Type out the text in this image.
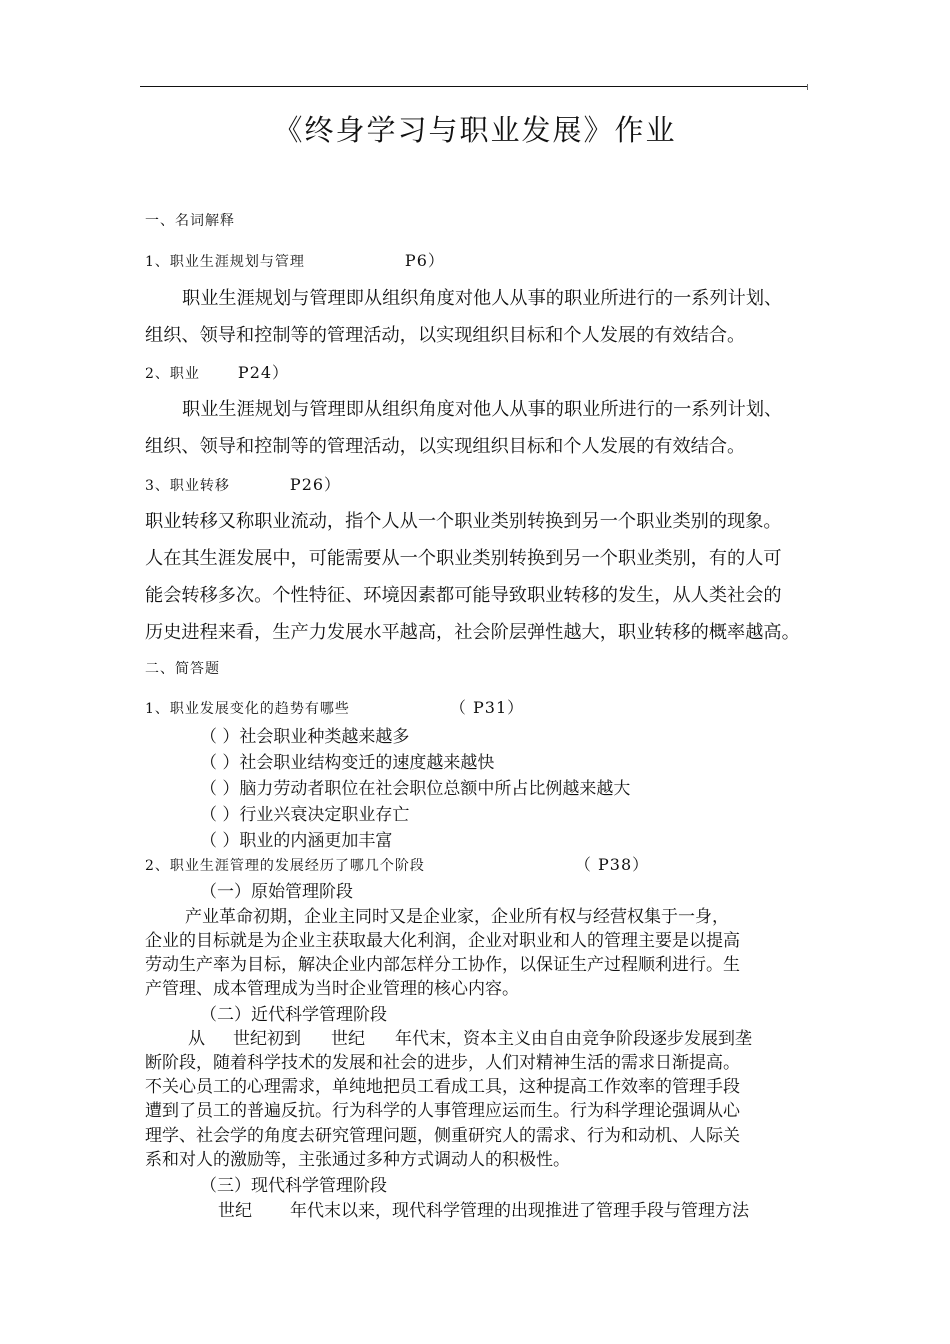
《终身学习与职业发展》作业
一、名词解释
1、职业生涯规划与管理	P6）
职业生涯规划与管理即从组织角度对他人从事的职业所进行的一系列计划、
组织、领导和控制等的管理活动，以实现组织目标和个人发展的有效结合。
2、职业 P24）
职业生涯规划与管理即从组织角度对他人从事的职业所进行的一系列计划、
组织、领导和控制等的管理活动，以实现组织目标和个人发展的有效结合。
3、职业转移	P26）
职业转移又称职业流动，指个人从一个职业类别转换到另一个职业类别的现象。
人在其生涯发展中，可能需要从一个职业类别转换到另一个职业类别，有的人可
能会转移多次。个性特征、环境因素都可能导致职业转移的发生，从人类社会的
历史进程来看，生产力发展水平越高，社会阶层弹性越大，职业转移的概率越高。
二、简答题
1、职业发展变化的趋势有哪些	（ P31）
（ ）社会职业种类越来越多
（ ）社会职业结构变迁的速度越来越快
（ ）脑力劳动者职位在社会职位总额中所占比例越来越大
（ ）行业兴衰决定职业存亡
（ ）职业的内涵更加丰富
2、职业生涯管理的发展经历了哪几个阶段	（ P38）
（一）原始管理阶段
产业革命初期，企业主同时又是企业家，企业所有权与经营权集于一身，
企业的目标就是为企业主获取最大化利润，企业对职业和人的管理主要是以提高
劳动生产率为目标，解决企业内部怎样分工协作，以保证生产过程顺利进行。生
产管理、成本管理成为当时企业管理的核心内容。
（二）近代科学管理阶段
从 世纪初到 世纪 年代末，资本主义由自由竞争阶段逐步发展到垄
断阶段，随着科学技术的发展和社会的进步，人们对精神生活的需求日渐提高。
不关心员工的心理需求，单纯地把员工看成工具，这种提高工作效率的管理手段
遭到了员工的普遍反抗。行为科学的人事管理应运而生。行为科学理论强调从心
理学、社会学的角度去研究管理问题，侧重研究人的需求、行为和动机、人际关
系和对人的激励等，主张通过多种方式调动人的积极性。
（三）现代科学管理阶段
世纪 年代末以来，现代科学管理的出现推进了管理手段与管理方法
